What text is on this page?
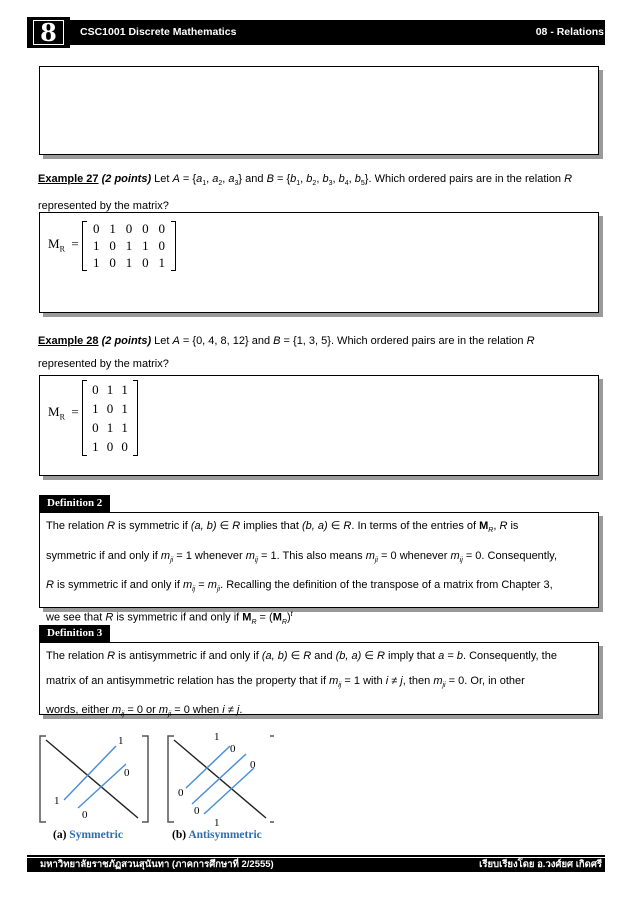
8	CSC1001 Discrete Mathematics	08 - Relations
Example 27 (2 points) Let $A = \{a_1$, $a_2$, $a_3$} and $B = \{b_1$, $b_2$, $b_3$, $b_4$, $b_5$}. Which ordered pairs are in the relation R
represented by the matrix?
$M_R$ =
0	1	0	0	0
1	0	1	1	0
1	0	1	0	1
Example 28 (2 points) Let A = {0, 4, 8, 12} and B = {1, 3, 5}. Which ordered pairs are in the relation R
represented by the matrix?
$M_R$ =
0	1	1
1	0	1
0	1	1
1	0	0
Definition 2
The relation R is symmetric if (a, b) ∈ R implies that (b, a) ∈ R. In terms of the entries of $M_R$, R is
symmetric if and only if $m_{ji} = 1$ whenever $m_{ij} = 1$. This also means $m_{ji} = 0$ whenever $m_{ij} = 0$. Consequently,
R is symmetric if and only if $m_{ij} = m_{ji}$. Recalling the definition of the transpose of a matrix from Chapter 3,
we see that R is symmetric if and only if $M_R = (M_R)^t$
Definition 3
The relation R is antisymmetric if and only if (a, b) ∈ R and (b, a) ∈ R imply that a = b. Consequently, the
matrix of an antisymmetric relation has the property that if $m_{ij} = 1$ with i ≠ j, then $m_{ji} = 0$. Or, in other
words, either $m_{ij} = 0$ or $m_{ji} = 0$ when i ≠ j.
1
0
1
0
1
0
0
0
0
1
(a) Symmetric	(b) Antisymmetric
มหาวิทยาลัยราชภัฏสวนสุนันทา (ภาคการศึกษาที่ 2/2555)	เรียบเรียงโดย อ.วงศ์ยศ เกิดศรี
